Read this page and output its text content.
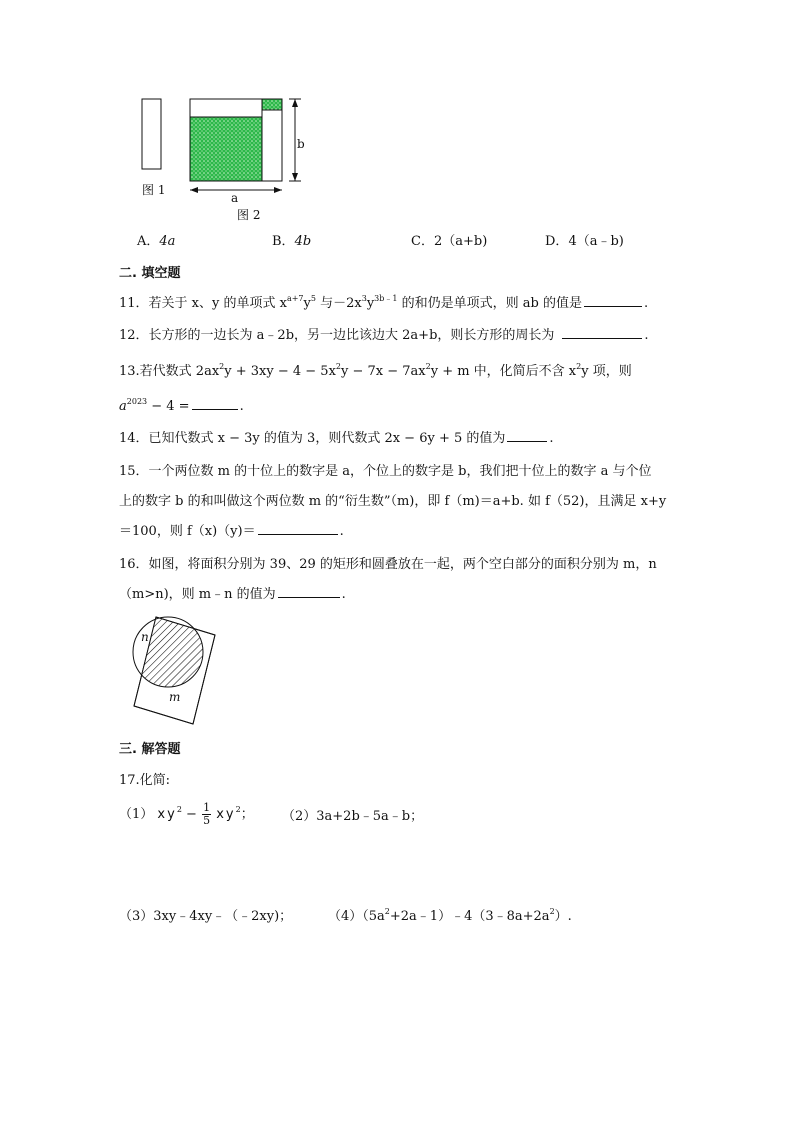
图 1
b
a
图 2
A．4a	B．4b	C．2（a+b)	D．4（a﹣b)
二. 填空题
11．若关于 x、y 的单项式 $x^{a+7}y^5$ 与$-2x^3y^{3b﹣1}$ 的和仍是单项式，则 ab 的值是	.
12．长方形的一边长为 a﹣2b，另一边比该边大 2a+b，则长方形的周长为	.
13.若代数式 $2ax^2y + 3xy - 4 - 5x^2y - 7x - 7ax^2y + m$ 中，化简后不含 $x^2y$ 项，则
$a^{2023} - 4$ =	.
14．已知代数式 x − 3y 的值为 3，则代数式 2x − 6y + 5 的值为	.
15．一个两位数 m 的十位上的数字是 a，个位上的数字是 b，我们把十位上的数字 a 与个位
上的数字 b 的和叫做这个两位数 m 的“衍生数”（m)，即 f（m)＝a+b. 如 f（52)，且满足 x+y
＝100，则 f（x)（y)＝	.
16．如图，将面积分别为 39、29 的矩形和圆叠放在一起，两个空白部分的面积分别为 m，n
（m>n)，则 m﹣n 的值为	.
n
m
三. 解答题
17.化简:
（1） $xy^2 - \frac{1}{5} xy^2$； （2）3a+2b﹣5a﹣b；
（3）3xy﹣4xy﹣（﹣2xy)；	$(4)(5a^2+2a﹣1)﹣4(3﹣8a+2a^2)$.
